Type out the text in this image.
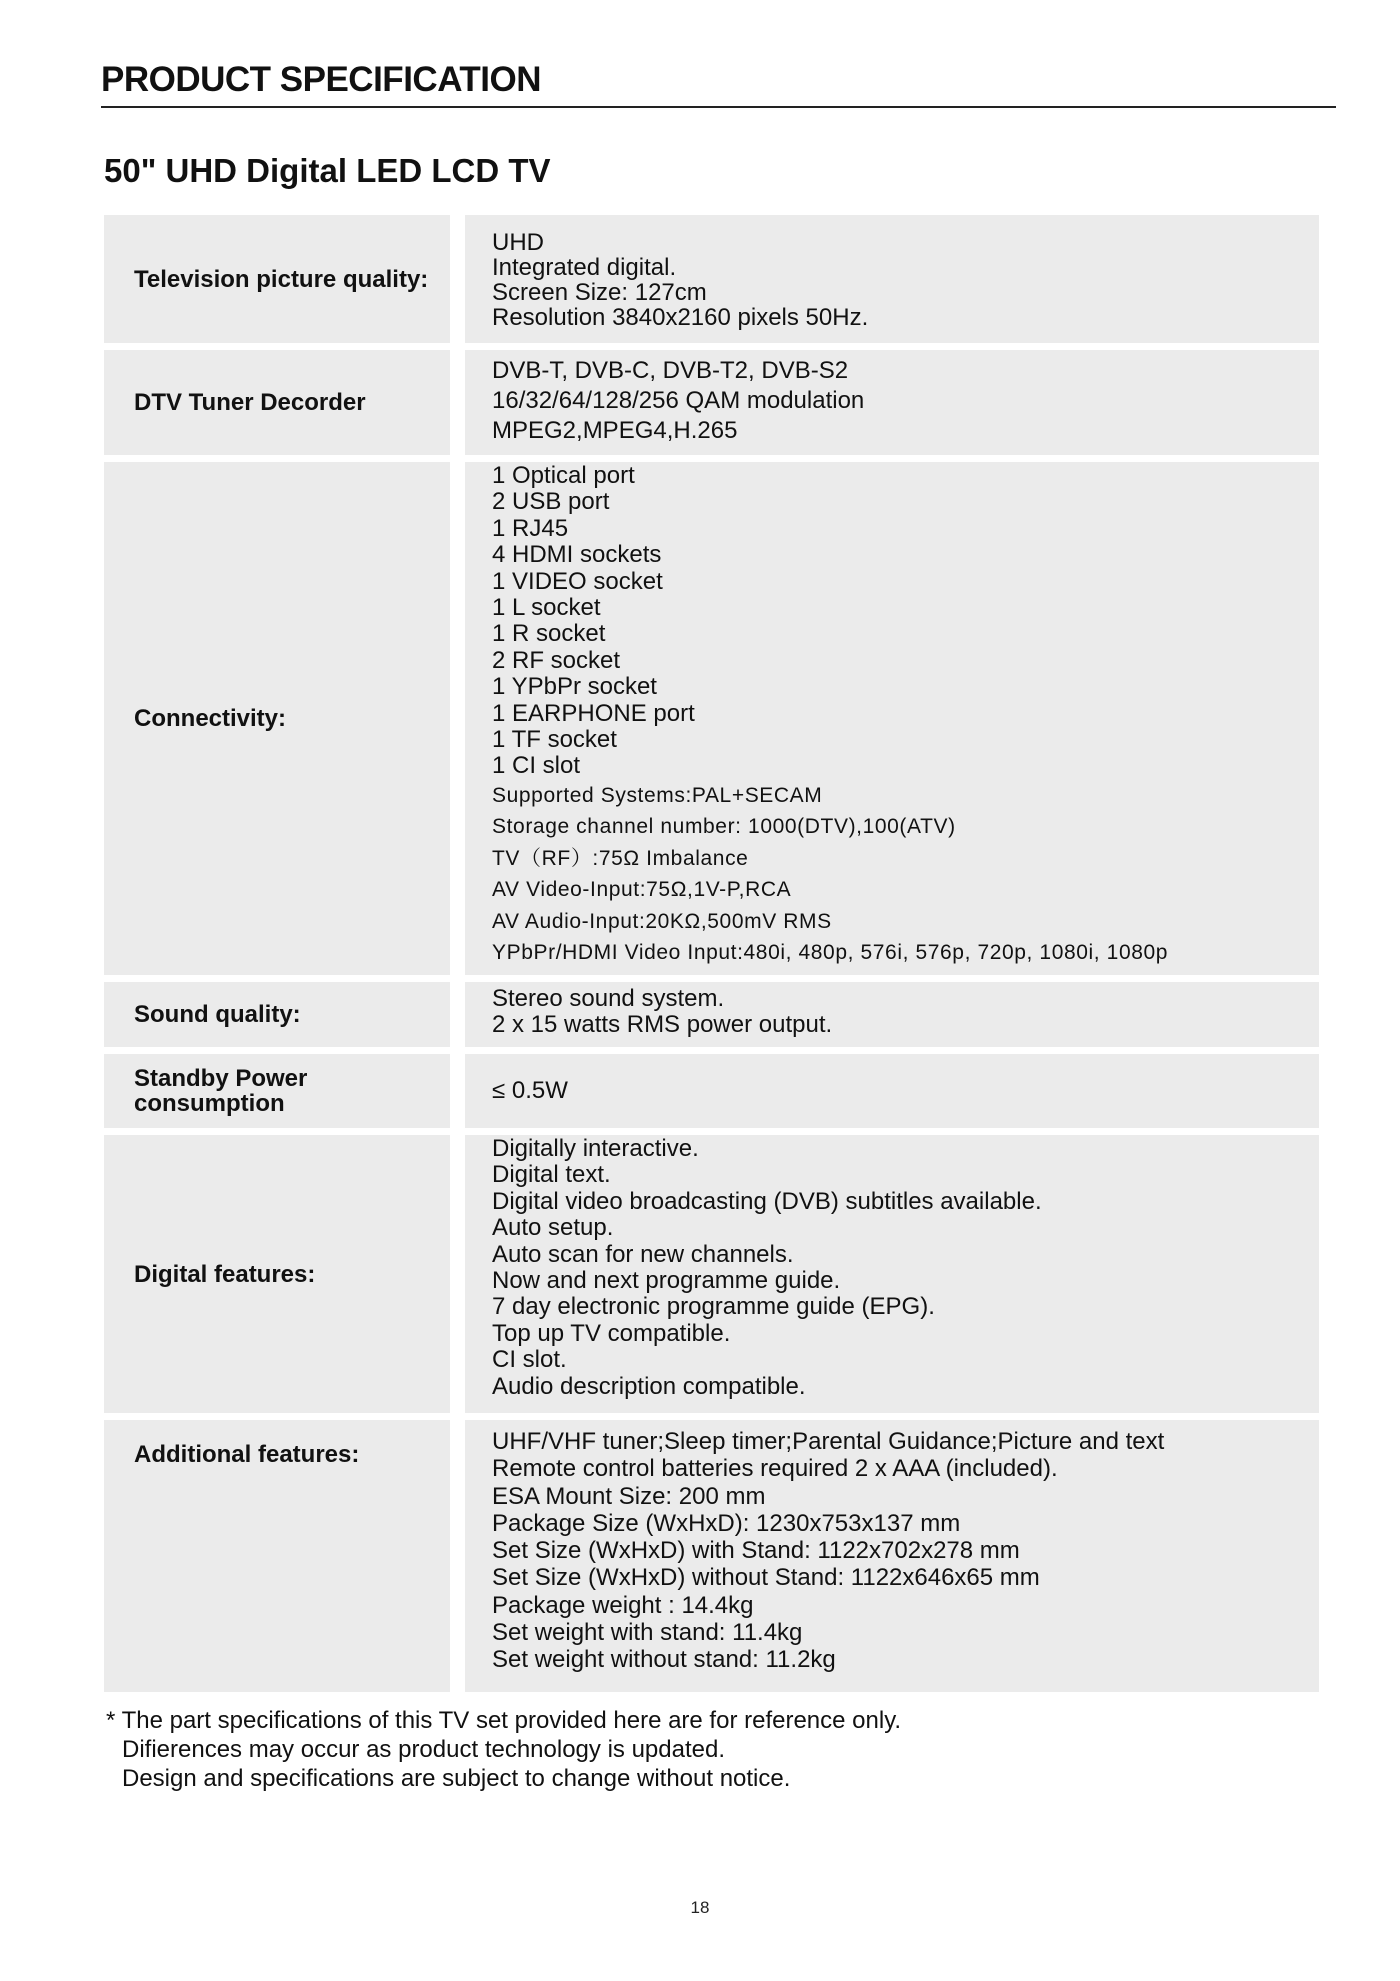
PRODUCT SPECIFICATION
50" UHD Digital LED LCD TV
Television picture quality:
UHD
Integrated digital.
Screen Size: 127cm
Resolution 3840x2160 pixels 50Hz.
DTV Tuner Decorder
DVB-T, DVB-C, DVB-T2, DVB-S2
16/32/64/128/256 QAM modulation
MPEG2,MPEG4,H.265
Connectivity:
1 Optical port
2 USB port
1 RJ45
4 HDMI sockets
1 VIDEO socket
1 L socket
1 R socket
2 RF socket
1 YPbPr socket
1 EARPHONE port
1 TF socket
1 CI slot
Supported Systems:PAL+SECAM
Storage channel number: 1000(DTV),100(ATV)
TV（RF）:75Ω Imbalance
AV Video-Input:75Ω,1V-P,RCA
AV Audio-Input:20KΩ,500mV RMS
YPbPr/HDMI Video Input:480i, 480p, 576i, 576p, 720p, 1080i, 1080p
Sound quality:
Stereo sound system.
2 x 15 watts RMS power output.
Standby Power
consumption	≤ 0.5W
Digital features:
Digitally interactive.
Digital text.
Digital video broadcasting (DVB) subtitles available.
Auto setup.
Auto scan for new channels.
Now and next programme guide.
7 day electronic programme guide (EPG).
Top up TV compatible.
CI slot.
Audio description compatible.
Additional features:	UHF/VHF tuner;Sleep timer;Parental Guidance;Picture and text
Remote control batteries required 2 x AAA (included).
ESA Mount Size: 200 mm
Package Size (WxHxD): 1230x753x137 mm
Set Size (WxHxD) with Stand: 1122x702x278 mm
Set Size (WxHxD) without Stand: 1122x646x65 mm
Package weight : 14.4kg
Set weight with stand: 11.4kg
Set weight without stand: 11.2kg
* The part specifications of this TV set provided here are for reference only.
Difierences may occur as product technology is updated.
Design and specifications are subject to change without notice.
18
